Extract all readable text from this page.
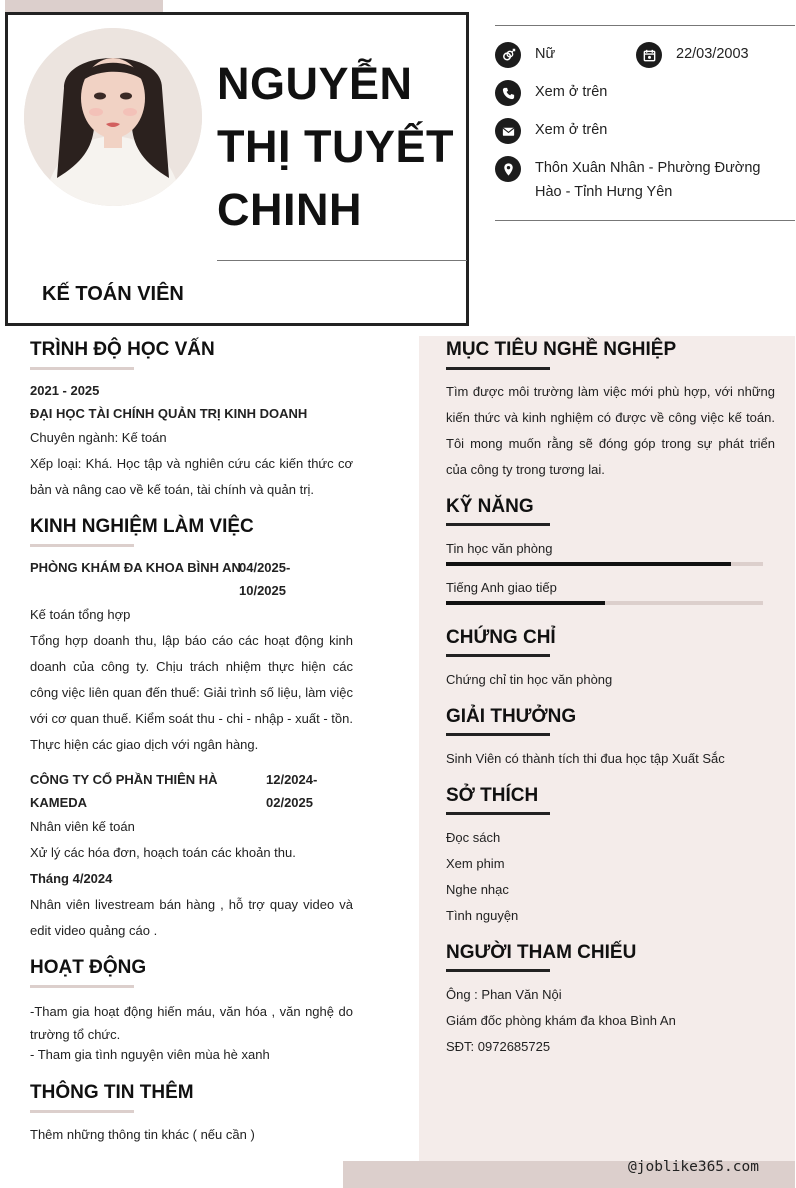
NGUYỄN
THỊ TUYẾT
CHINH
KẾ TOÁN VIÊN
Nữ	22/03/2003
Xem ở trên
Xem ở trên
Thôn Xuân Nhân - Phường Đường
Hào - Tỉnh Hưng Yên
TRÌNH ĐỘ HỌC VẤN
2021 - 2025
ĐẠI HỌC TÀI CHÍNH QUẢN TRỊ KINH DOANH
Chuyên ngành: Kế toán
Xếp loại: Khá. Học tập và nghiên cứu các kiến thức cơ bản và nâng cao về kế toán, tài chính và quản trị.
KINH NGHIỆM LÀM VIỆC
PHÒNG KHÁM ĐA KHOA BÌNH AN
04/2025-
10/2025
Kế toán tổng hợp
Tổng hợp doanh thu, lập báo cáo các hoạt động kinh doanh của công ty. Chịu trách nhiệm thực hiện các công việc liên quan đến thuế: Giải trình số liệu, làm việc với cơ quan thuế. Kiểm soát thu - chi - nhập - xuất - tồn. Thực hiện các giao dịch với ngân hàng.
CÔNG TY CỔ PHẦN THIÊN HÀ
KAMEDA
12/2024-
02/2025
Nhân viên kế toán
Xử lý các hóa đơn, hoạch toán các khoản thu.
Tháng 4/2024
Nhân viên livestream bán hàng , hỗ trợ quay video và edit video quảng cáo .
HOẠT ĐỘNG
-Tham gia hoạt động hiến máu, văn hóa , văn nghệ do trường tổ chức.
- Tham gia tình nguyện viên mùa hè xanh
THÔNG TIN THÊM
Thêm những thông tin khác ( nếu cần )
MỤC TIÊU NGHỀ NGHIỆP
Tìm được môi trường làm việc mới phù hợp, với những kiến thức và kinh nghiệm có được về công việc kế toán. Tôi mong muốn rằng sẽ đóng góp trong sự phát triển của công ty trong tương lai.
KỸ NĂNG
Tin học văn phòng
Tiếng Anh giao tiếp
CHỨNG CHỈ
Chứng chỉ tin học văn phòng
GIẢI THƯỞNG
Sinh Viên có thành tích thi đua học tập Xuất Sắc
SỞ THÍCH
Đọc sách
Xem phim
Nghe nhạc
Tình nguyện
NGƯỜI THAM CHIẾU
Ông : Phan Văn Nội
Giám đốc phòng khám đa khoa Bình An
SĐT: 0972685725
@joblike365.com
